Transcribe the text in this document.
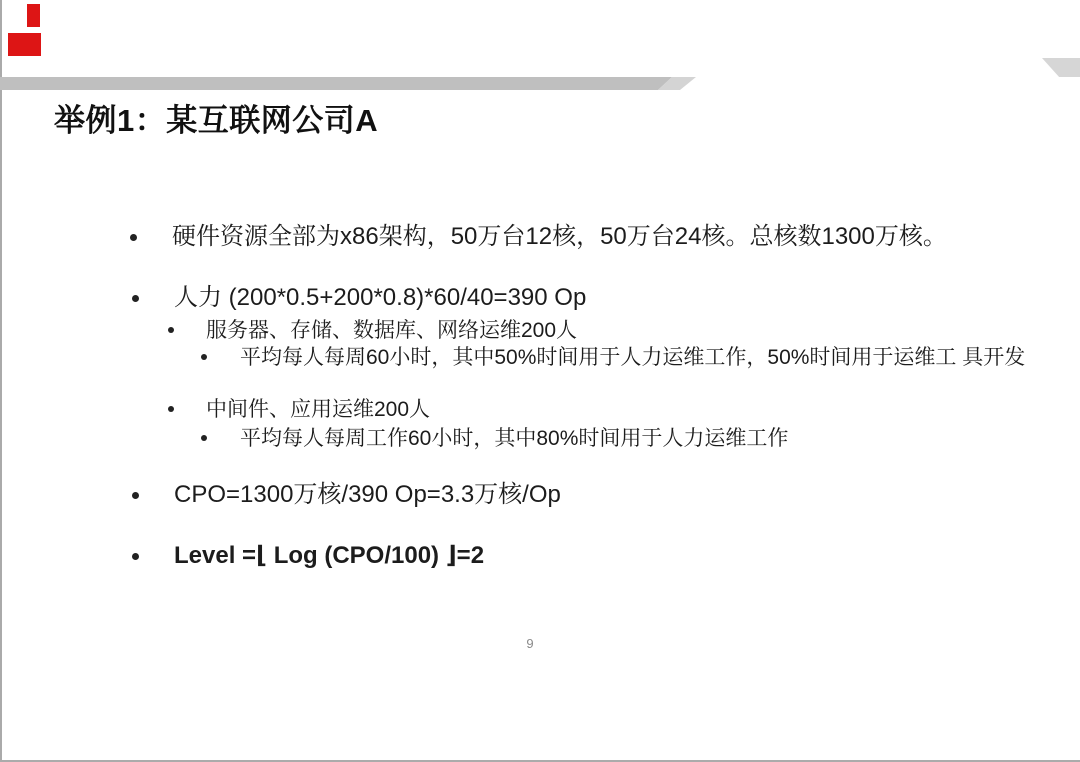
举例1：某互联网公司A
硬件资源全部为x86架构，50万台12核，50万台24核。总核数1300万核。
人力 (200*0.5+200*0.8)*60/40=390 Op
服务器、存储、数据库、网络运维200人
平均每人每周60小时，其中50%时间用于人力运维工作，50%时间用于运维工 具开发
中间件、应用运维200人
平均每人每周工作60小时，其中80%时间用于人力运维工作
CPO=1300万核/390 Op=3.3万核/Op
Level =⌊ Log (CPO/100) ⌋=2
9
